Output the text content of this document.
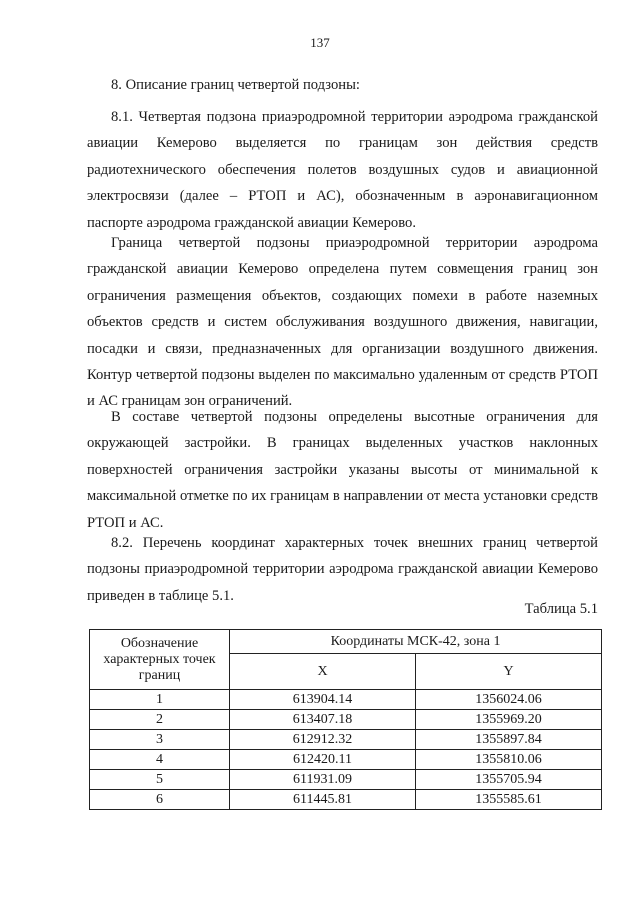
137
8. Описание границ четвертой подзоны:

8.1. Четвертая подзона приаэродромной территории аэродрома гражданской авиации Кемерово выделяется по границам зон действия средств радиотехнического обеспечения полетов воздушных судов и авиационной электросвязи (далее – РТОП и АС), обозначенным в аэронавигационном паспорте аэродрома гражданской авиации Кемерово.

Граница четвертой подзоны приаэродромной территории аэродрома гражданской авиации Кемерово определена путем совмещения границ зон ограничения размещения объектов, создающих помехи в работе наземных объектов средств и систем обслуживания воздушного движения, навигации, посадки и связи, предназначенных для организации воздушного движения. Контур четвертой подзоны выделен по максимально удаленным от средств РТОП и АС границам зон ограничений.

В составе четвертой подзоны определены высотные ограничения для окружающей застройки. В границах выделенных участков наклонных поверхностей ограничения застройки указаны высоты от минимальной к максимальной отметке по их границам в направлении от места установки средств РТОП и АС.

8.2. Перечень координат характерных точек внешних границ четвертой подзоны приаэродромной территории аэродрома гражданской авиации Кемерово приведен в таблице 5.1.

Таблица 5.1
Обозначение характерных точек границ	Координаты МСК-42, зона 1	
	X	Y
1	613904.14	1356024.06
2	613407.18	1355969.20
3	612912.32	1355897.84
4	612420.11	1355810.06
5	611931.09	1355705.94
6	611445.81	1355585.61
